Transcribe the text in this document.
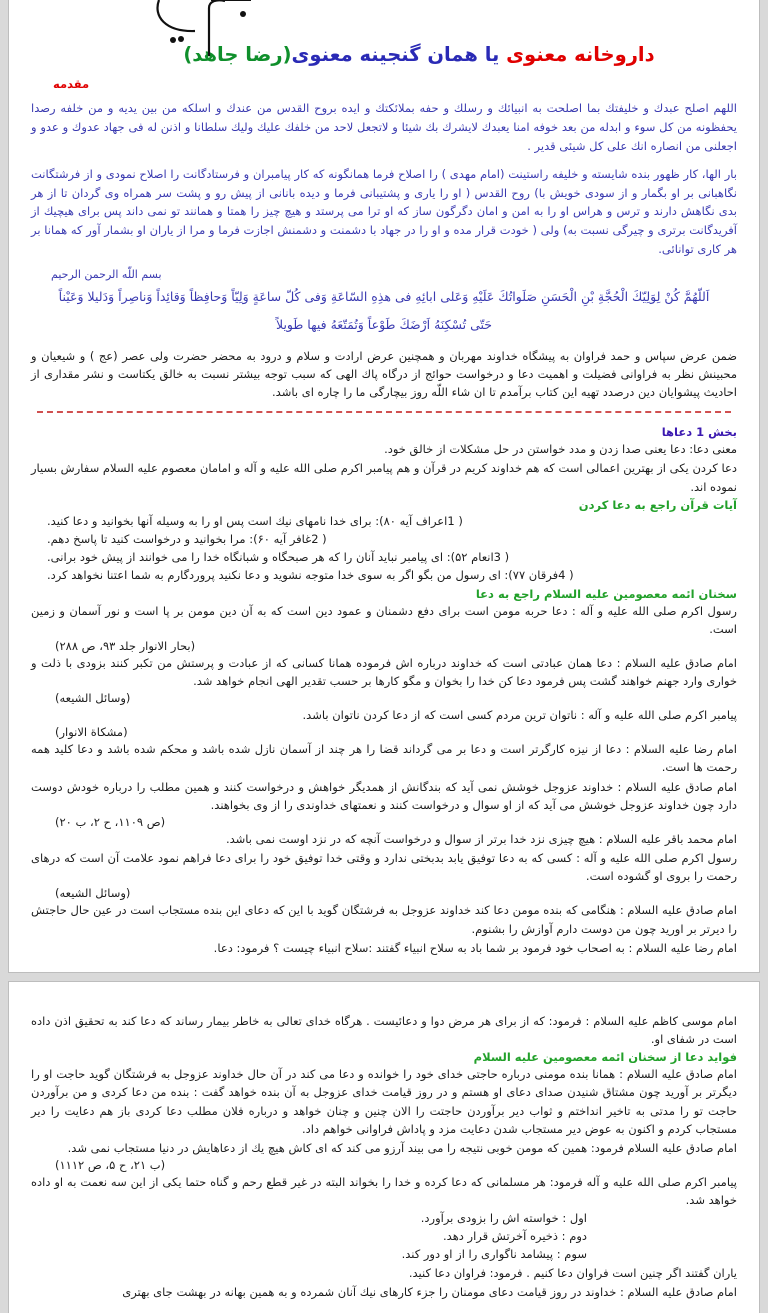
داروخانه معنوی یا همان گنجینه معنوی(رضا جاهد)
مقدمه

اللهم اصلح عبدك و خليفتك بما اصلحت به انبيائك و رسلك و حفه بملائكتك و ايده بروح القدس من عندك و اسلكه من بين يديه و من خلفه رصدا يحفظونه من كل سوء و ابدله من بعد خوفه امنا يعبدك لايشرك بك شيئا و لاتجعل لاحد من خلفك عليك وليك سلطانا و اذنن له فى جهاد عدوك و عدو و اجعلنى من انصاره انك على كل شيئى قدير .

بار الها، كار ظهور بنده شايسته و خليفه راستينت (امام مهدى ) را اصلاح فرما همانگونه كه كار پيامبران و فرستادگانت را اصلاح نمودى و از فرشتگانت نگاهبانى بر او بگمار و از سودى خويش با) روح القدس ( او را يارى و پشتيبانى فرما و ديده بانانى از پيش رو و پشت سر همراه وى گردان تا از هر بدى نگاهش دارند و ترس و هراس او را به امن و امان دگرگون ساز كه او ترا مى پرستد و هيچ چيز را همتا و همانند تو نمى داند پس براى هيچيك از آفريدگانت برترى و چيرگى نسبت به) ولى ( خودت قرار مده و او را در جهاد با دشمنت و دشمنش اجازت فرما و مرا از ياران او بشمار آور كه همانا بر هر كارى توانائى.

بسم اللّه الرحمن الرحيم

اَللّهُمَّ كُنْ لِوَلِيّكَ الْحُجَّةِ بْنِ الْحَسَنِ صَلَواتُكَ عَلَيْهِ وَعَلى ابائِهِ فى هذِهِ السّاعَةِ وَفى كُلّ ساعَةٍ وَلِيّاً وَحافِظاً وَقائِداً وَناصِراً وَدَليلا وَعَيْناً

حَتّى تُسْكِنَهُ اَرْضَكَ طَوْعاً وَتُمَتّعَهُ فيها طَويلاً

ضمن عرض سپاس و حمد فراوان به پيشگاه خداوند مهربان و همچنين عرض ارادت و سلام و درود به محضر حضرت ولى عصر (عج ) و شيعيان و محبينش نظر به فراوانى فضيلت و اهميت دعا و درخواست حوائج از درگاه پاك الهى كه سبب توجه بيشتر نسبت به خالق يكتاست و نشر مقدارى از احاديث پيشوايان دين درصدد تهيه اين كتاب برآمدم تا ان شاء اللّه روز بيچارگى ما را چاره اى باشد.

بخش 1 دعاها

معنى دعا: دعا يعنى صدا زدن و مدد خواستن در حل مشكلات از خالق خود.

دعا كردن يكى از بهترين اعمالى است كه هم خداوند كريم در قرآن و هم پيامبر اكرم صلى الله عليه و آله و امامان معصوم عليه السلام سفارش بسيار نموده اند.

آيات قرآن راجع به دعا كردن

( 1اعراف آيه ۸۰): براى خدا نامهاى نيك است پس او را به وسيله آنها بخوانيد و دعا كنيد.

( 2غافر آيه ۶۰): مرا بخوانيد و درخواست كنيد تا پاسخ دهم.

( 3انعام ۵۲): اى پيامبر نبايد آنان را كه هر صبحگاه و شبانگاه خدا را مى خوانند از پيش خود برانى.

( 4فرقان ۷۷): اى رسول من بگو اگر به سوى خدا متوجه نشويد و دعا نكنيد پروردگارم به شما اعتنا نخواهد كرد.

سخنان ائمه معصومين عليه السلام راجع به دعا

رسول اكرم صلى الله عليه و آله : دعا حربه مومن است براى دفع دشمنان و عمود دين است كه به آن دين مومن بر پا است و نور آسمان و زمين است.

(بحار الانوار جلد ۹۳، ص ۲۸۸)

امام صادق عليه السلام : دعا همان عبادتى است كه خداوند درباره اش فرموده همانا كسانى كه از عبادت و پرستش من تكبر كنند بزودى با ذلت و خوارى وارد جهنم خواهند گشت پس فرمود دعا كن خدا را بخوان و مگو كارها بر حسب تقدير الهى انجام خواهد شد.

(وسائل الشيعه)

پيامبر اكرم صلى الله عليه و آله : ناتوان ترين مردم كسى است كه از دعا كردن ناتوان باشد.

(مشكاة الانوار)

امام رضا عليه السلام : دعا از نيزه كارگرتر است و دعا بر مى گرداند قضا را هر چند از آسمان نازل شده باشد و محكم شده باشد و دعا كليد همه رحمت ها است.

امام صادق عليه السلام : خداوند عزوجل خوشش نمى آيد كه بندگانش از همديگر خواهش و درخواست كنند و همين مطلب را درباره خودش دوست دارد چون خداوند عزوجل خوشش مى آيد كه از او سوال و درخواست كنند و نعمتهاى خداوندى را از وى بخواهند.

(ص ۱۱۰۹، ح ۲، ب ۲۰)

امام محمد باقر عليه السلام : هيچ چيزى نزد خدا برتر از سوال و درخواست آنچه كه در نزد اوست نمى باشد.

رسول اكرم صلى الله عليه و آله : كسى كه به دعا توفيق يابد بدبختى ندارد و وقتى خدا توفيق خود را براى دعا فراهم نمود علامت آن است كه درهاى رحمت را بروى او گشوده است.

(وسائل الشيعه)

امام صادق عليه السلام : هنگامى كه بنده مومن دعا كند خداوند عزوجل به فرشتگان گويد با اين كه دعاى اين بنده مستجاب است در عين حال حاجتش را ديرتر بر اوريد چون من دوست دارم آوازش را بشنوم.

امام رضا عليه السلام : به اصحاب خود فرمود بر شما باد به سلاح انبياء گفتند :سلاح انبياء چيست ؟ فرمود: دعا.

امام موسى كاظم عليه السلام : فرمود: كه از براى هر مرض دوا و دعائيست . هرگاه خداى تعالى به خاطر بيمار رساند كه دعا كند به تحقيق اذن داده است در شفاى او.

فوايد دعا از سخنان ائمه معصومين عليه السلام

امام صادق عليه السلام : همانا بنده مومنى درباره حاجتى خداى خود را خوانده و دعا مى كند در آن حال خداوند عزوجل به فرشتگان گويد حاجت او را ديگرتر بر آوريد چون مشتاق شنيدن صداى دعاى او هستم و در روز قيامت خداى عزوجل به آن بنده خواهد گفت : بنده من دعا كردى و من برآوردن حاجت تو را مدتى به تاخير انداختم و ثواب دير برآوردن حاجتت را الان چنين و چنان خواهد و درباره فلان مطلب دعا كردى باز هم دعايت را دير مستجاب كردم و اكنون به عوض دير مستجاب شدن دعايت مزد و پاداش فراوانى خواهم داد.

امام صادق عليه السلام فرمود: همين كه مومن خوبى نتيجه را مى بيند آرزو مى كند كه اى كاش هيچ يك از دعاهايش در دنيا مستجاب نمى شد.

(ب ۲۱، ح ۵، ص ۱۱۱۲)

پيامبر اكرم صلى الله عليه و آله فرمود: هر مسلمانى كه دعا كرده و خدا را بخواند البته در غير قطع رحم و گناه حتما يكى از اين سه نعمت به او داده خواهد شد.

اول : خواسته اش را بزودى برآورد.

دوم : ذخيره آخرتش قرار دهد.

سوم : پيشامد ناگوارى را از او دور كند.

ياران گفتند اگر چنين است فراوان دعا كنيم . فرمود: فراوان دعا كنيد.

امام صادق عليه السلام : خداوند در روز قيامت دعاى مومنان را جزء كارهاى نيك آنان شمرده و به همين بهانه در بهشت جاى بهترى
